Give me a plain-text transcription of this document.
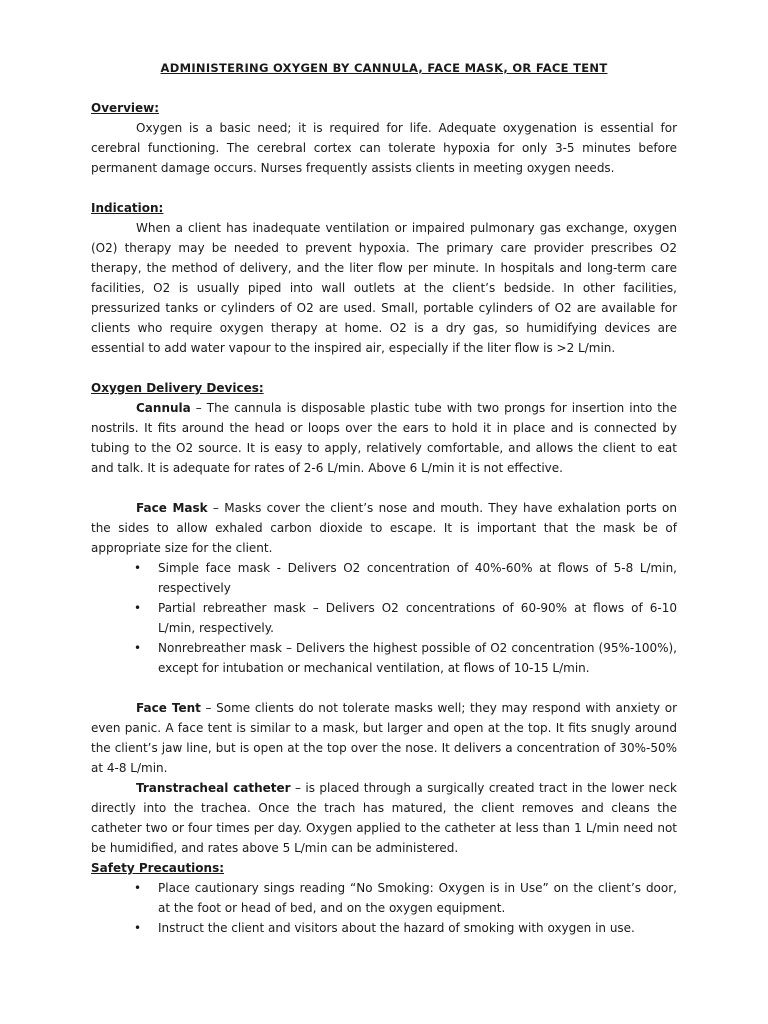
ADMINISTERING OXYGEN BY CANNULA, FACE MASK, OR FACE TENT
Overview:

Oxygen is a basic need; it is required for life. Adequate oxygenation is essential for cerebral functioning. The cerebral cortex can tolerate hypoxia for only 3-5 minutes before permanent damage occurs. Nurses frequently assists clients in meeting oxygen needs.

Indication:

When a client has inadequate ventilation or impaired pulmonary gas exchange, oxygen (O2) therapy may be needed to prevent hypoxia. The primary care provider prescribes O2 therapy, the method of delivery, and the liter flow per minute. In hospitals and long-term care facilities, O2 is usually piped into wall outlets at the client’s bedside. In other facilities, pressurized tanks or cylinders of O2 are used. Small, portable cylinders of O2 are available for clients who require oxygen therapy at home. O2 is a dry gas, so humidifying devices are essential to add water vapour to the inspired air, especially if the liter flow is >2 L/min.

Oxygen Delivery Devices:

Cannula – The cannula is disposable plastic tube with two prongs for insertion into the nostrils. It fits around the head or loops over the ears to hold it in place and is connected by tubing to the O2 source. It is easy to apply, relatively comfortable, and allows the client to eat and talk. It is adequate for rates of 2-6 L/min. Above 6 L/min it is not effective.

Face Mask – Masks cover the client’s nose and mouth. They have exhalation ports on the sides to allow exhaled carbon dioxide to escape. It is important that the mask be of appropriate size for the client.

• Simple face mask - Delivers O2 concentration of 40%-60% at flows of 5-8 L/min, respectively
• Partial rebreather mask – Delivers O2 concentrations of 60-90% at flows of 6-10 L/min, respectively.
• Nonrebreather mask – Delivers the highest possible of O2 concentration (95%-100%), except for intubation or mechanical ventilation, at flows of 10-15 L/min.

Face Tent – Some clients do not tolerate masks well; they may respond with anxiety or even panic. A face tent is similar to a mask, but larger and open at the top. It fits snugly around the client’s jaw line, but is open at the top over the nose. It delivers a concentration of 30%-50% at 4-8 L/min.

Transtracheal catheter – is placed through a surgically created tract in the lower neck directly into the trachea. Once the trach has matured, the client removes and cleans the catheter two or four times per day. Oxygen applied to the catheter at less than 1 L/min need not be humidified, and rates above 5 L/min can be administered.

Safety Precautions:
• Place cautionary sings reading “No Smoking: Oxygen is in Use” on the client’s door, at the foot or head of bed, and on the oxygen equipment.
• Instruct the client and visitors about the hazard of smoking with oxygen in use.
